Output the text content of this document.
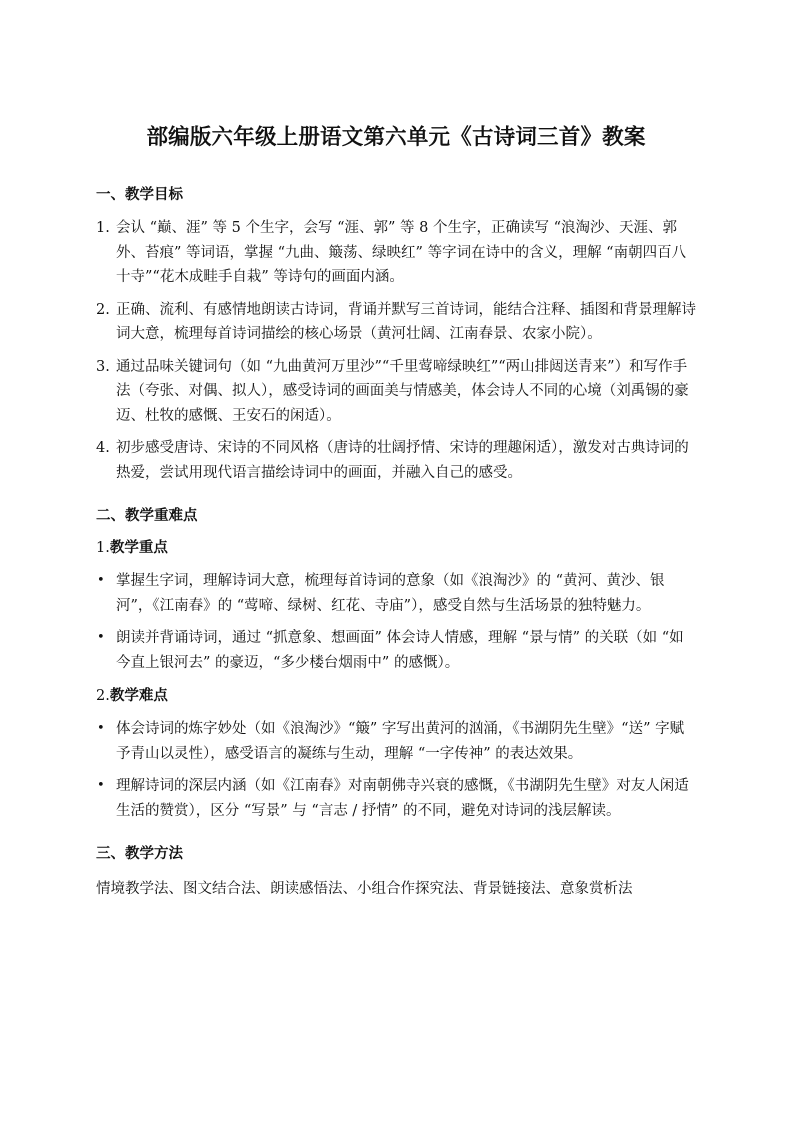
部编版六年级上册语文第六单元《古诗词三首》教案
一、教学目标
1. 会认 “巅、涯” 等 5 个生字，会写 “涯、郭” 等 8 个生字，正确读写 “浪淘沙、天涯、郭外、苔痕” 等词语，掌握 “九曲、簸荡、绿映红” 等字词在诗中的含义，理解 “南朝四百八十寺”“花木成畦手自栽” 等诗句的画面内涵。
2. 正确、流利、有感情地朗读古诗词，背诵并默写三首诗词，能结合注释、插图和背景理解诗词大意，梳理每首诗词描绘的核心场景（黄河壮阔、江南春景、农家小院）。
3. 通过品味关键词句（如 “九曲黄河万里沙”“千里莺啼绿映红”“两山排闼送青来”）和写作手法（夸张、对偶、拟人），感受诗词的画面美与情感美，体会诗人不同的心境（刘禹锡的豪迈、杜牧的感慨、王安石的闲适）。
4. 初步感受唐诗、宋诗的不同风格（唐诗的壮阔抒情、宋诗的理趣闲适），激发对古典诗词的热爱，尝试用现代语言描绘诗词中的画面，并融入自己的感受。
二、教学重难点
1.教学重点
• 掌握生字词，理解诗词大意，梳理每首诗词的意象（如《浪淘沙》的 “黄河、黄沙、银河”，《江南春》的 “莺啼、绿树、红花、寺庙”），感受自然与生活场景的独特魅力。
• 朗读并背诵诗词，通过 “抓意象、想画面” 体会诗人情感，理解 “景与情” 的关联（如 “如今直上银河去” 的豪迈，“多少楼台烟雨中” 的感慨）。
2.教学难点
• 体会诗词的炼字妙处（如《浪淘沙》“簸” 字写出黄河的汹涌，《书湖阴先生壁》“送” 字赋予青山以灵性），感受语言的凝练与生动，理解 “一字传神” 的表达效果。
• 理解诗词的深层内涵（如《江南春》对南朝佛寺兴衰的感慨，《书湖阴先生壁》对友人闲适生活的赞赏），区分 “写景” 与 “言志 / 抒情” 的不同，避免对诗词的浅层解读。
三、教学方法

情境教学法、图文结合法、朗读感悟法、小组合作探究法、背景链接法、意象赏析法
